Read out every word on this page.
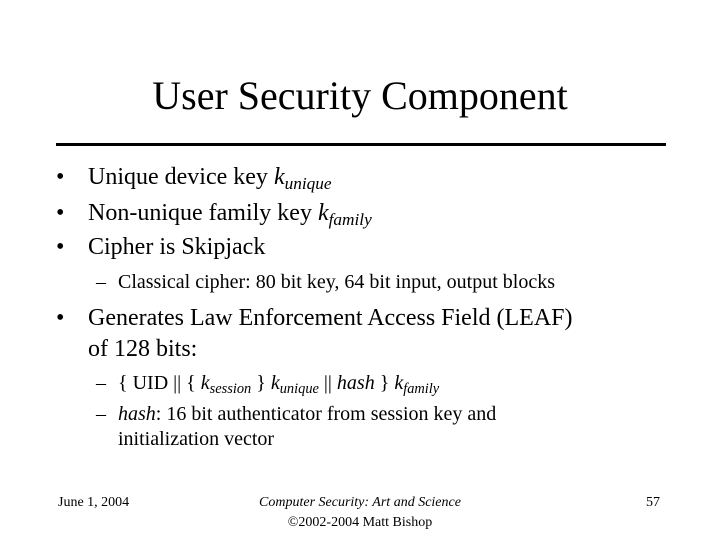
User Security Component
• Unique device key $k_{unique}$
• Non-unique family key $k_{family}$
• Cipher is Skipjack
– Classical cipher: 80 bit key, 64 bit input, output blocks
• Generates Law Enforcement Access Field (LEAF)
of 128 bits:
– { UID || { $k_{session}$ } $k_{unique}$ || hash } $k_{family}$
– hash: 16 bit authenticator from session key and
initialization vector
June 1, 2004	Computer Security: Art and Science
©2002-2004 Matt Bishop
57
